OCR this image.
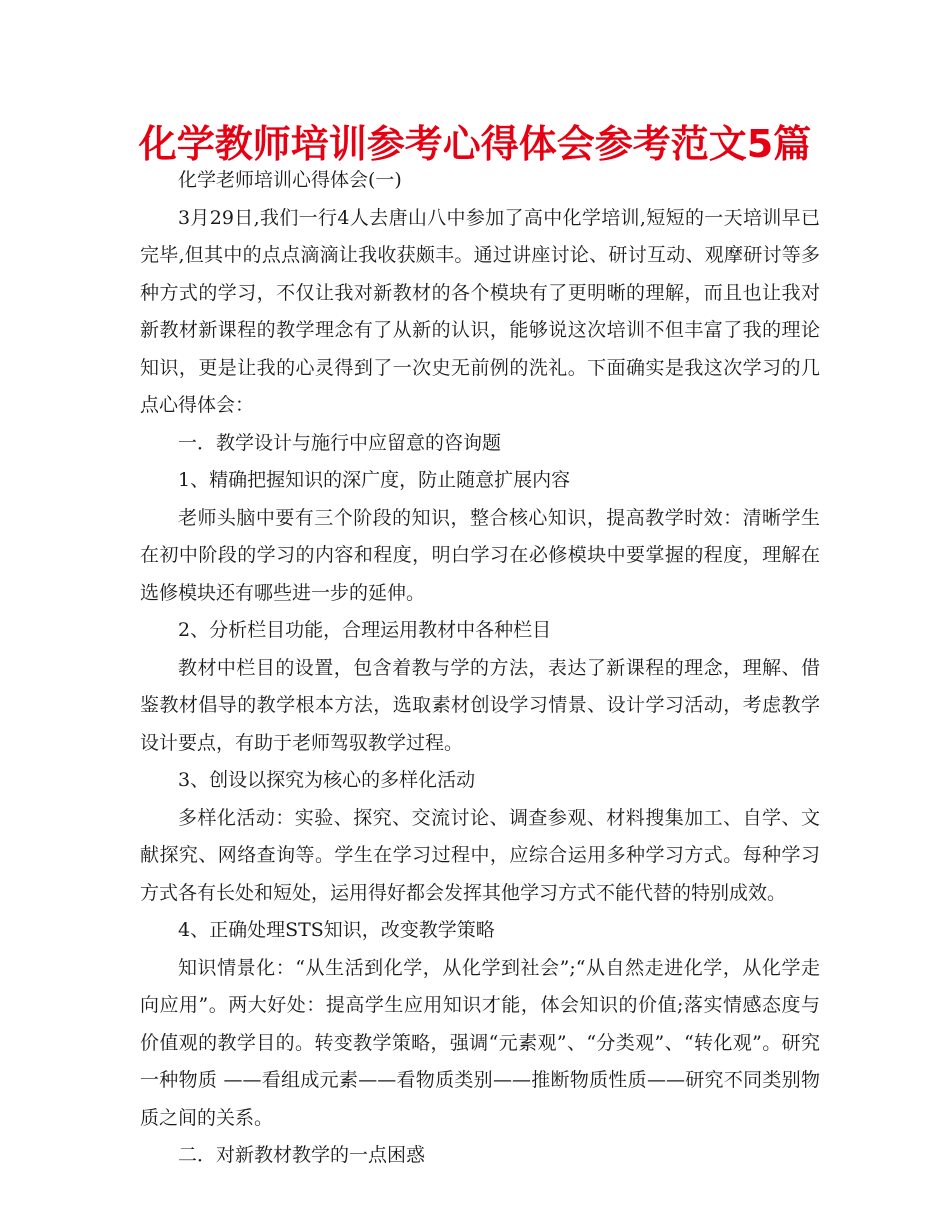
化学教师培训参考心得体会参考范文5篇

化学老师培训心得体会(一)

3月29日,我们一行4人去唐山八中参加了高中化学培训,短短的一天培训早已完毕,但其中的点点滴滴让我收获颇丰。通过讲座讨论、研讨互动、观摩研讨等多种方式的学习，不仅让我对新教材的各个模块有了更明晰的理解，而且也让我对新教材新课程的教学理念有了从新的认识，能够说这次培训不但丰富了我的理论知识，更是让我的心灵得到了一次史无前例的洗礼。下面确实是我这次学习的几点心得体会：

一．教学设计与施行中应留意的咨询题

1、精确把握知识的深广度，防止随意扩展内容

老师头脑中要有三个阶段的知识，整合核心知识，提高教学时效：清晰学生在初中阶段的学习的内容和程度，明白学习在必修模块中要掌握的程度，理解在选修模块还有哪些进一步的延伸。

2、分析栏目功能，合理运用教材中各种栏目

教材中栏目的设置，包含着教与学的方法，表达了新课程的理念，理解、借鉴教材倡导的教学根本方法，选取素材创设学习情景、设计学习活动，考虑教学设计要点，有助于老师驾驭教学过程。

3、创设以探究为核心的多样化活动

多样化活动：实验、探究、交流讨论、调查参观、材料搜集加工、自学、文献探究、网络查询等。学生在学习过程中，应综合运用多种学习方式。每种学习方式各有长处和短处，运用得好都会发挥其他学习方式不能代替的特别成效。

4、正确处理STS知识，改变教学策略

知识情景化：“从生活到化学，从化学到社会”;“从自然走进化学，从化学走向应用”。两大好处：提高学生应用知识才能，体会知识的价值;落实情感态度与价值观的教学目的。转变教学策略，强调“元素观”、“分类观”、“转化观”。研究一种物质 ——看组成元素——看物质类别——推断物质性质——研究不同类别物质之间的关系。

二．对新教材教学的一点困惑
